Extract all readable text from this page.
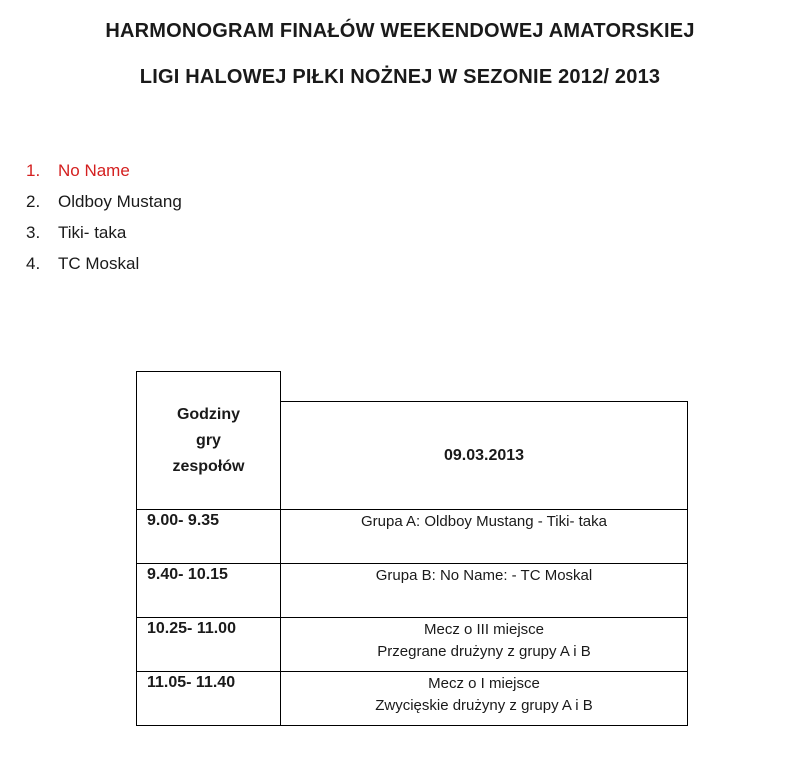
HARMONOGRAM FINAŁÓW WEEKENDOWEJ AMATORSKIEJ
LIGI HALOWEJ PIŁKI NOŻNEJ W SEZONIE 2012/ 2013
1.	No Name
2.	Oldboy Mustang
3.	Tiki- taka
4.	TC Moskal
Godziny
gry
zespołów
09.03.2013
9.00- 9.35	Grupa A: Oldboy Mustang - Tiki- taka
9.40- 10.15	Grupa B: No Name: - TC Moskal
10.25- 11.00	Mecz o III miejsce
Przegrane drużyny z grupy A i B
11.05- 11.40	Mecz o I miejsce
Zwycięskie drużyny z grupy A i B
